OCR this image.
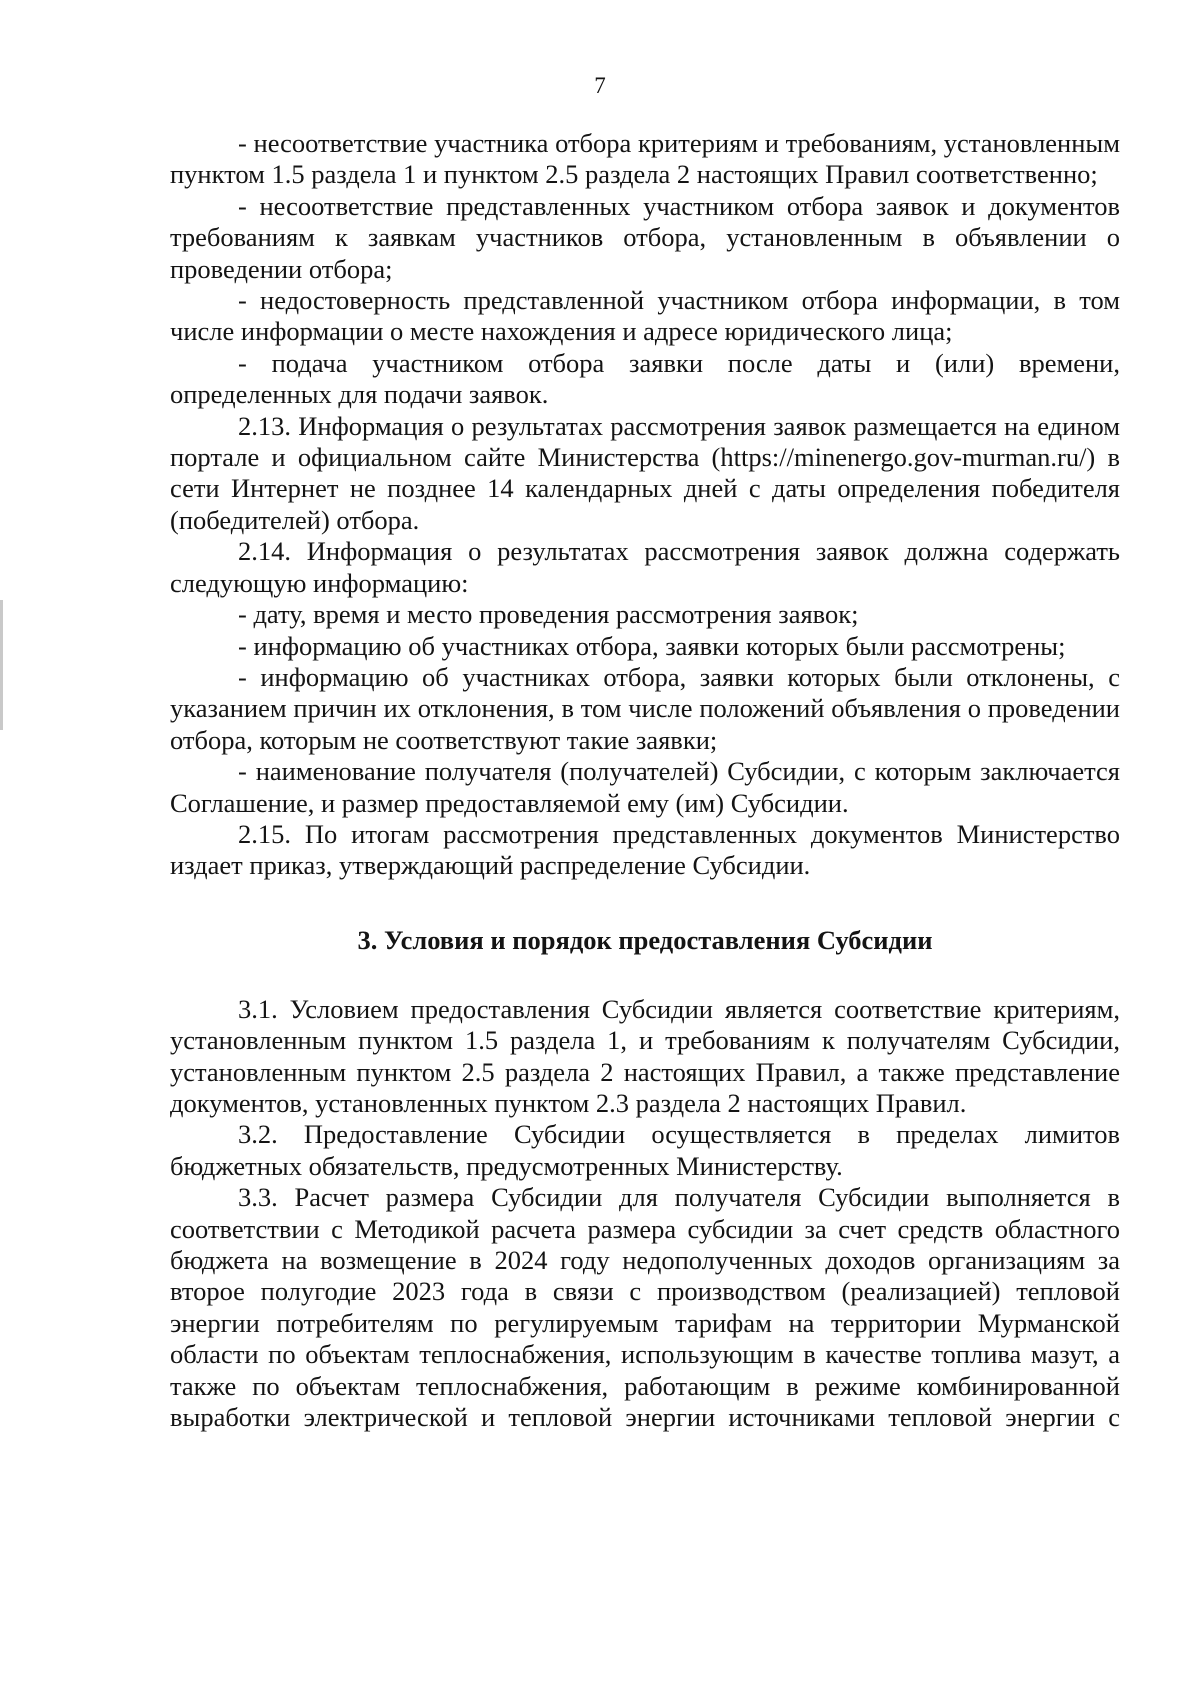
7

- несоответствие участника отбора критериям и требованиям, установленным пунктом 1.5 раздела 1 и пунктом 2.5 раздела 2 настоящих Правил соответственно;

- несоответствие представленных участником отбора заявок и документов требованиям к заявкам участников отбора, установленным в объявлении о проведении отбора;

- недостоверность представленной участником отбора информации, в том числе информации о месте нахождения и адресе юридического лица;

- подача участником отбора заявки после даты и (или) времени, определенных для подачи заявок.

2.13. Информация о результатах рассмотрения заявок размещается на едином портале и официальном сайте Министерства (https://minenergo.gov-murman.ru/) в сети Интернет не позднее 14 календарных дней с даты определения победителя (победителей) отбора.

2.14. Информация о результатах рассмотрения заявок должна содержать следующую информацию:

- дату, время и место проведения рассмотрения заявок;

- информацию об участниках отбора, заявки которых были рассмотрены;

- информацию об участниках отбора, заявки которых были отклонены, с указанием причин их отклонения, в том числе положений объявления о проведении отбора, которым не соответствуют такие заявки;

- наименование получателя (получателей) Субсидии, с которым заключается Соглашение, и размер предоставляемой ему (им) Субсидии.

2.15. По итогам рассмотрения представленных документов Министерство издает приказ, утверждающий распределение Субсидии.

3. Условия и порядок предоставления Субсидии

3.1. Условием предоставления Субсидии является соответствие критериям, установленным пунктом 1.5 раздела 1, и требованиям к получателям Субсидии, установленным пунктом 2.5 раздела 2 настоящих Правил, а также представление документов, установленных пунктом 2.3 раздела 2 настоящих Правил.

3.2. Предоставление Субсидии осуществляется в пределах лимитов бюджетных обязательств, предусмотренных Министерству.

3.3. Расчет размера Субсидии для получателя Субсидии выполняется в соответствии с Методикой расчета размера субсидии за счет средств областного бюджета на возмещение в 2024 году недополученных доходов организациям за второе полугодие 2023 года в связи с производством (реализацией) тепловой энергии потребителям по регулируемым тарифам на территории Мурманской области по объектам теплоснабжения, использующим в качестве топлива мазут, а также по объектам теплоснабжения, работающим в режиме комбинированной выработки электрической и тепловой энергии источниками тепловой энергии с
